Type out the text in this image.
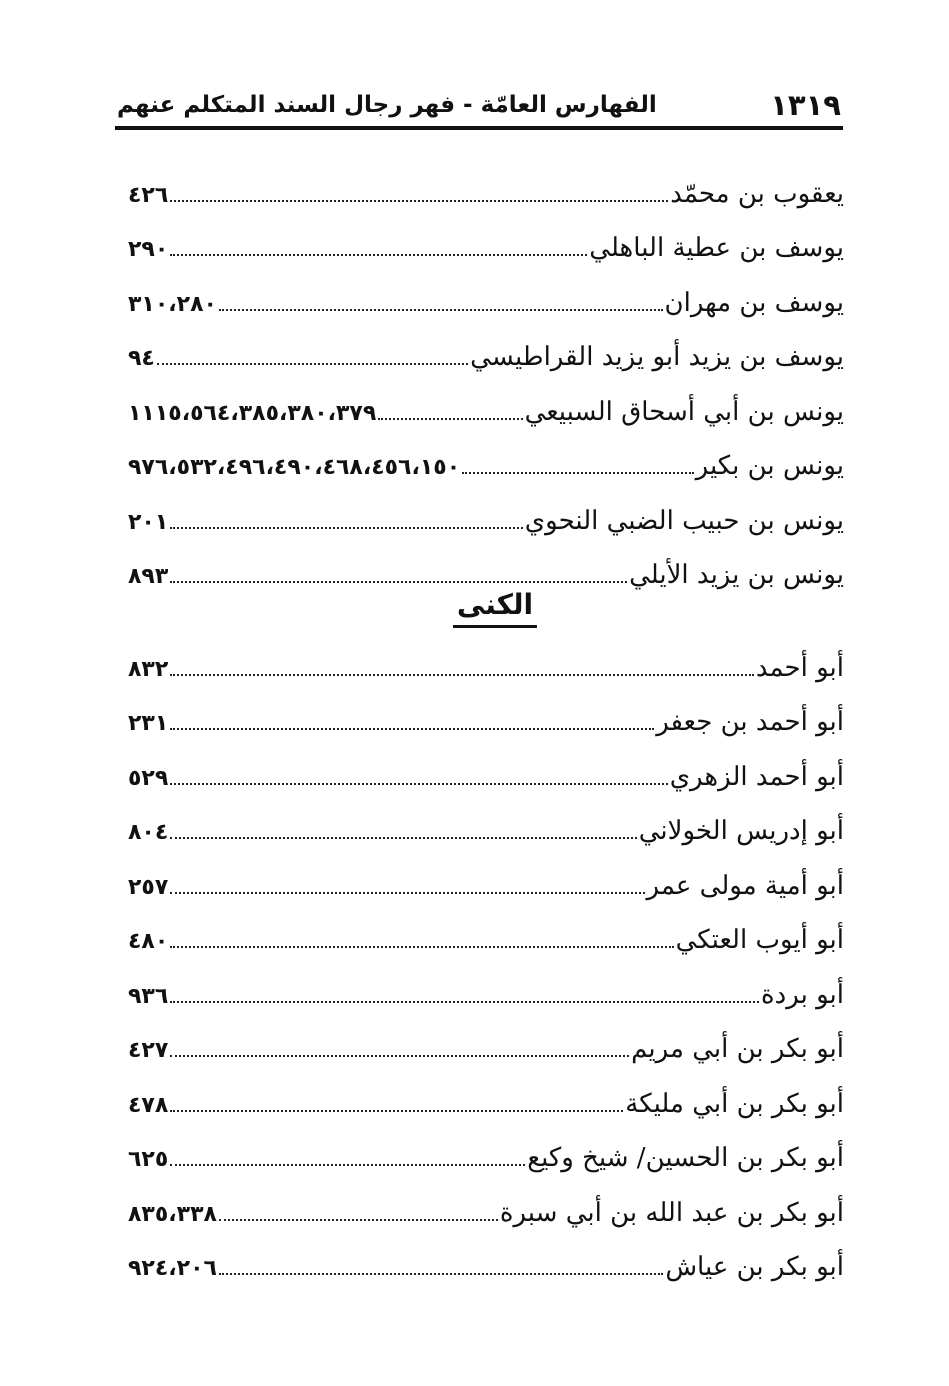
الفهارس العامّة - فهر رجال السند المتكلم عنهم	١٣١٩
يعقوب بن محمّد
٤٢٦
يوسف بن عطية الباهلي
٢٩٠
يوسف بن مهران
٣١٠،٢٨٠
يوسف بن يزيد أبو يزيد القراطيسي
٩٤
يونس بن أبي أسحاق السبيعي
١١١٥،٥٦٤،٣٨٥،٣٨٠،٣٧٩
يونس بن بكير
٩٧٦،٥٣٢،٤٩٦،٤٩٠،٤٦٨،٤٥٦،١٥٠
يونس بن حبيب الضبي النحوي
٢٠١
يونس بن يزيد الأيلي
٨٩٣
الكنى
أبو أحمد
٨٣٢
أبو أحمد بن جعفر
٢٣١
أبو أحمد الزهري
٥٢٩
أبو إدريس الخولاني
٨٠٤
أبو أمية مولى عمر
٢٥٧
أبو أيوب العتكي
٤٨٠
أبو بردة
٩٣٦
أبو بكر بن أبي مريم
٤٢٧
أبو بكر بن أبي مليكة
٤٧٨
أبو بكر بن الحسين/ شيخ وكيع
٦٢٥
أبو بكر بن عبد الله بن أبي سبرة
٨٣٥،٣٣٨
أبو بكر بن عياش
٩٢٤،٢٠٦
